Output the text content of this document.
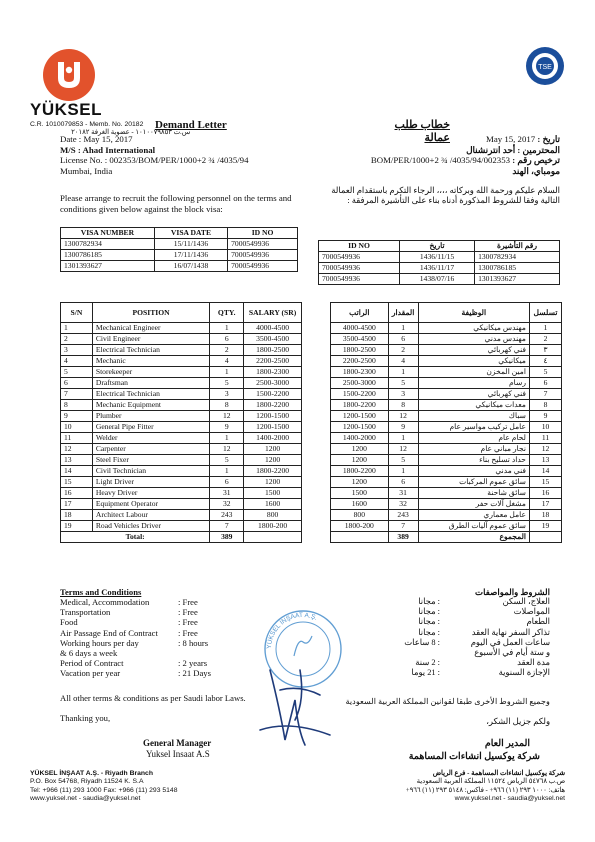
YÜKSEL
TSE
C.R. 1010079853 - Memb. No. 20182
س.ت ١٠١٠٠٧٩٨٥٣ - عضوية الغرفة ٢٠١٨٢
Demand Letter	خطاب طلب عمالة
Date : May 15, 2017
M/S : Ahad International
License No. : 002353/BOM/PER/1000+2 ¾ /4035/94
Mumbai, India
تاريخ : May 15, 2017
المحترمين : أحد انترنشنال
ترخيص رقم : 002353/BOM/PER/1000+2 ¾ /4035/94
مومباي، الهند
Please arrange to recruit the following personnel on the terms and conditions given below against the block visa:
السلام عليكم ورحمة الله وبركاته ،،،، الرجاء التكرم باستقدام العمالة التالية وفقا للشروط المذكورة أدناه بناء على التأشيرة المرفقة :
VISA NUMBER	VISA DATE	ID NO
1300782934	15/11/1436	7000549936
1300786185	17/11/1436	7000549936
1301393627	16/07/1438	7000549936
ID NO	تاريخ	رقم التأشيرة
7000549936	1436/11/15	1300782934
7000549936	1436/11/17	1300786185
7000549936	1438/07/16	1301393627
S/N	POSITION	QTY.	SALARY (SR)
1	Mechanical Engineer	1	4000-4500
2	Civil Engineer	6	3500-4500
3	Electrical Technician	2	1800-2500
4	Mechanic	4	2200-2500
5	Storekeeper	1	1800-2300
6	Draftsman	5	2500-3000
7	Electrical Technician	3	1500-2200
8	Mechanic Equipment	8	1800-2200
9	Plumber	12	1200-1500
10	General Pipe Fitter	9	1200-1500
11	Welder	1	1400-2000
12	Carpenter	12	1200
13	Steel Fixer	5	1200
14	Civil Technician	1	1800-2200
15	Light Driver	6	1200
16	Heavy Driver	31	1500
17	Equipment Operator	32	1600
18	Architect Labour	243	800
19	Road Vehicles Driver	7	1800-200
Total:		389	
الراتب	المقدار	الوظيفة	تسلسل
4000-4500	1	مهندس ميكانيكي	1
3500-4500	6	مهندس مدني	2
1800-2500	2	فني كهربائي	٣
2200-2500	4	ميكانيكي	٤
1800-2300	1	امين المخزن	5
2500-3000	5	رسام	6
1500-2200	3	فني كهربائي	7
1800-2200	8	معدات ميكانيكي	8
1200-1500	12	سباك	9
1200-1500	9	عامل تركيب مواسير عام	10
1400-2000	1	لحام عام	11
1200	12	نجار مباني عام	12
1200	5	حداد تسليح بناء	13
1800-2200	1	فني مدني	14
1200	6	سائق عموم المركبات	15
1500	31	سائق شاحنة	16
1600	32	مشغل آلات حفر	17
800	243	عامل معماري	18
1800-200	7	سائق عموم آليات الطرق	19
	389	المجموع	
Terms and Conditions
Medical, Accommodation	: Free
Transportation	: Free
Food	: Free
Air Passage End of Contract	: Free
Working hours per day	: 8 hours
& 6 days a week
Period of Contract	: 2 years
Vacation per year	: 21 Days
All other terms & conditions as per Saudi labor Laws.
Thanking you,
General Manager
Yuksel Insaat A.S
الشروط والمواصفات
العلاج، السكن
: مجانا
المواصلات
: مجانا
الطعام
: مجانا
تذاكر السفر نهاية العقد
: مجانا
ساعات العمل في اليوم
: 8 ساعات
و ستة أيام في الأسبوع
مدة العقد
: 2 سنة
الإجازة السنوية
: 21 يوما
وجميع الشروط الأخرى طبقا لقوانين المملكة العربية السعودية
ولكم جزيل الشكر،
المدير العام
شركة يوكسيل انشاءات المساهمة
YÜKSEL İNŞAAT A.Ş.
YÜKSEL İNŞAAT A.Ş. - Riyadh Branch
P.O. Box 54768, Riyadh 11524 K. S.A
Tel: +966 (11) 293 1000 Fax: +966 (11) 293 5148
www.yuksel.net - saudia@yuksel.net
شركة يوكسيل انشاءات المساهمة - فرع الرياض
ص.ب ٥٤٧٦٨ الرياض ١١٥٢٤ المملكة العربية السعودية
هاتف: ١٠٠٠ ٢٩٣ (١١) ٩٦٦+ - فاكس: ٥١٤٨ ٢٩٣ (١١) ٩٦٦+
www.yuksel.net - saudia@yuksel.net
